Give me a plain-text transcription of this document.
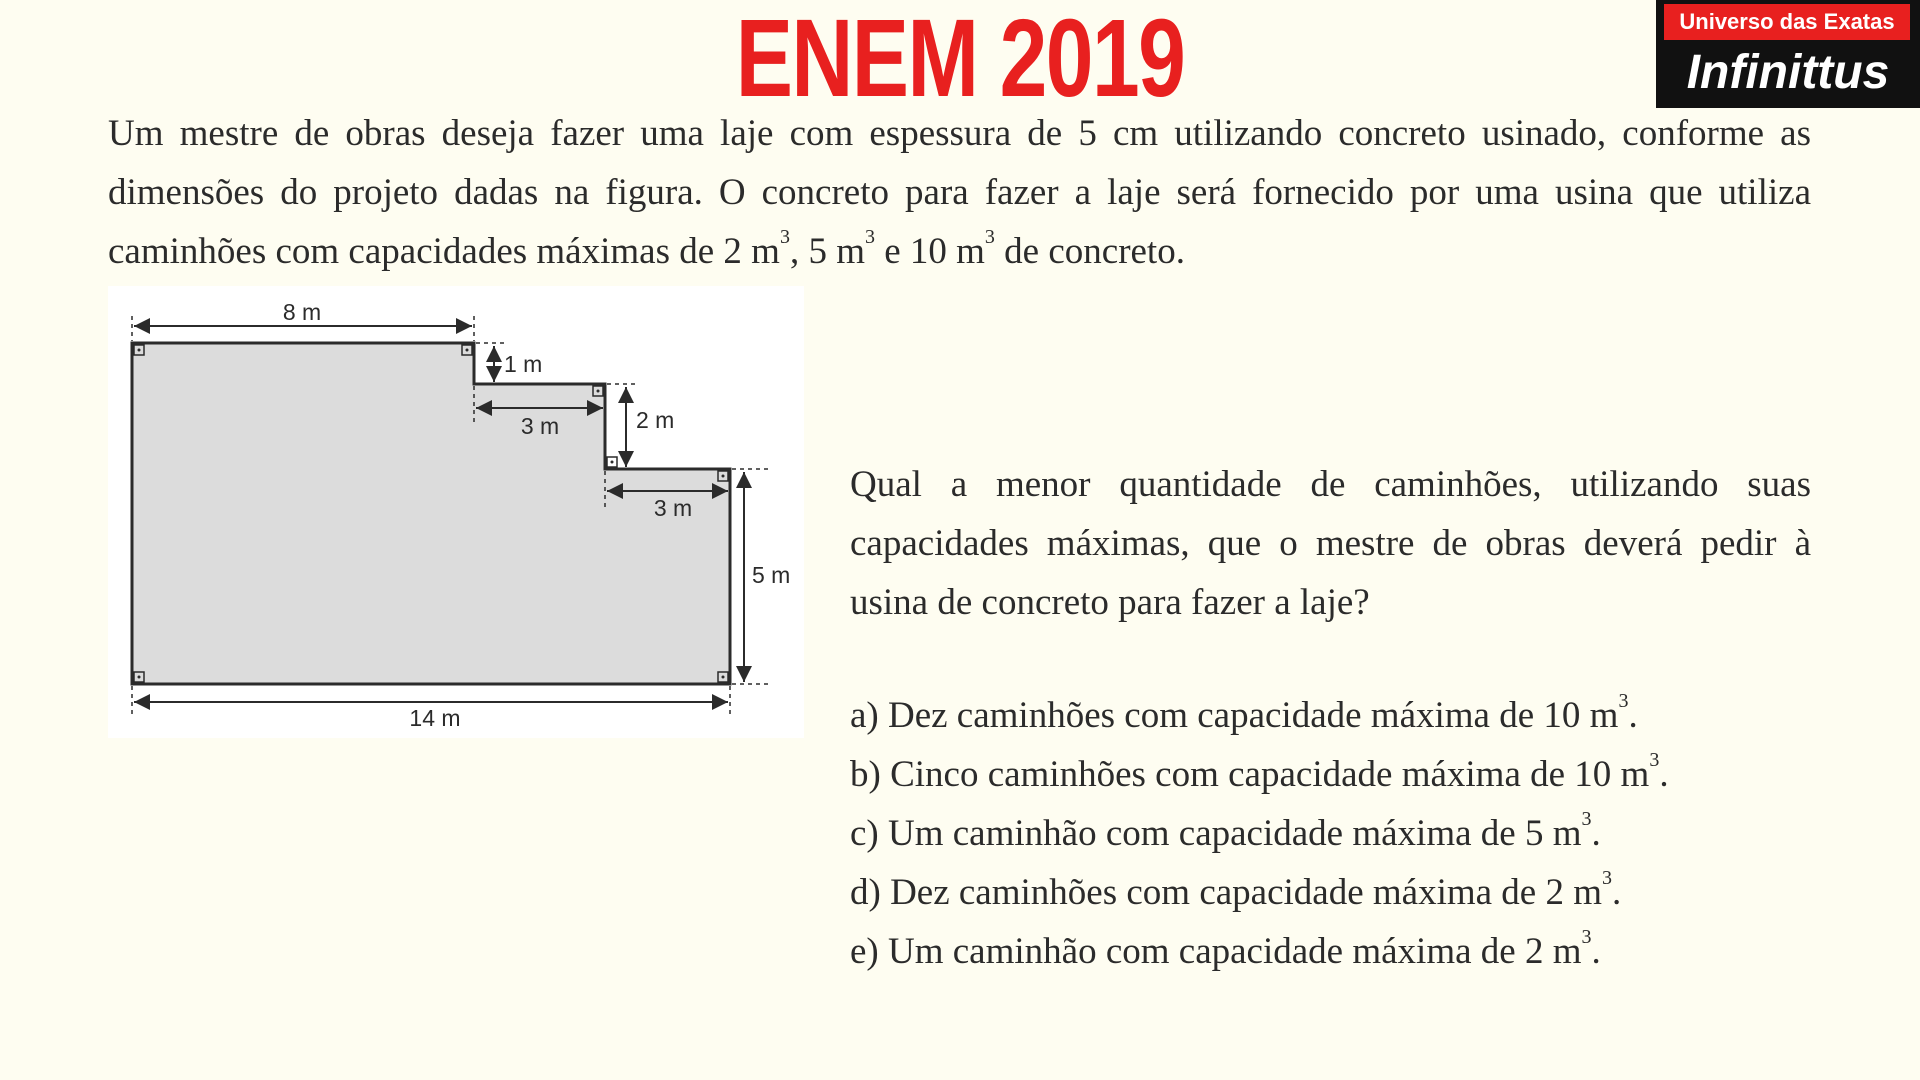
ENEM 2019	Universo das Exatas
Infinittus

Um mestre de obras deseja fazer uma laje com espessura de 5 cm utilizando concreto usinado, conforme as dimensões do projeto dadas na figura. O concreto para fazer a laje será fornecido por uma usina que utiliza caminhões com capacidades máximas de 2 $m^3$, 5 $m^3$ e 10 $m^3$ de concreto.

8 m
1 m
3 m	2 m
3 m
5 m
14 m

Qual a menor quantidade de caminhões, utilizando suas capacidades máximas, que o mestre de obras deverá pedir à usina de concreto para fazer a laje?

a) Dez caminhões com capacidade máxima de 10 $m^3$.
b) Cinco caminhões com capacidade máxima de 10 $m^3$.
c) Um caminhão com capacidade máxima de 5 $m^3$.
d) Dez caminhões com capacidade máxima de 2 $m^3$.
e) Um caminhão com capacidade máxima de 2 $m^3$.
